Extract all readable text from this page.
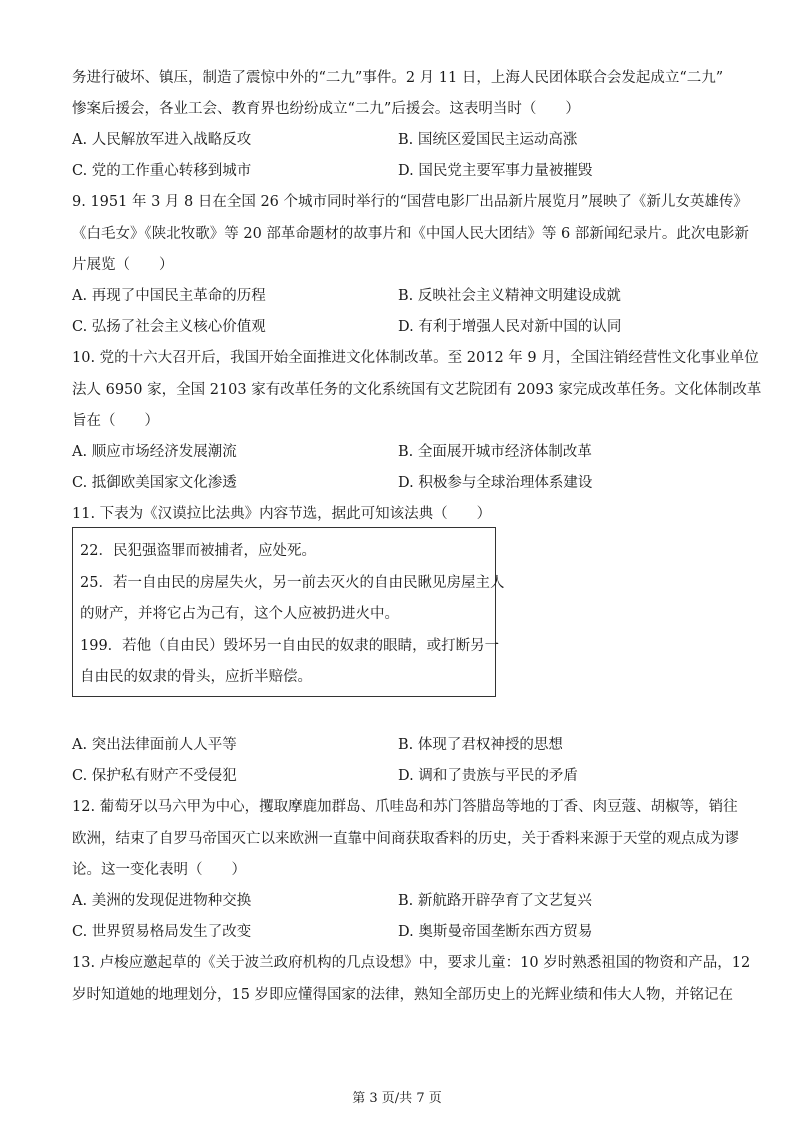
务进行破坏、镇压，制造了震惊中外的“二九”事件。2 月 11 日，上海人民团体联合会发起成立“二九”
惨案后援会，各业工会、教育界也纷纷成立“二九”后援会。这表明当时（　　）
A. 人民解放军进入战略反攻	B. 国统区爱国民主运动高涨
C. 党的工作重心转移到城市	D. 国民党主要军事力量被摧毁
9. 1951 年 3 月 8 日在全国 26 个城市同时举行的“国营电影厂出品新片展览月”展映了《新儿女英雄传》
《白毛女》《陕北牧歌》等 20 部革命题材的故事片和《中国人民大团结》等 6 部新闻纪录片。此次电影新
片展览（　　）
A. 再现了中国民主革命的历程	B. 反映社会主义精神文明建设成就
C. 弘扬了社会主义核心价值观	D. 有利于增强人民对新中国的认同
10. 党的十六大召开后，我国开始全面推进文化体制改革。至 2012 年 9 月，全国注销经营性文化事业单位
法人 6950 家，全国 2103 家有改革任务的文化系统国有文艺院团有 2093 家完成改革任务。文化体制改革
旨在（　　）
A. 顺应市场经济发展潮流	B. 全面展开城市经济体制改革
C. 抵御欧美国家文化渗透	D. 积极参与全球治理体系建设
11. 下表为《汉谟拉比法典》内容节选，据此可知该法典（　　）
22．民犯强盗罪而被捕者，应处死。
25．若一自由民的房屋失火，另一前去灭火的自由民瞅见房屋主人
的财产，并将它占为己有，这个人应被扔进火中。
199．若他（自由民）毁坏另一自由民的奴隶的眼睛，或打断另一
自由民的奴隶的骨头，应折半赔偿。
A. 突出法律面前人人平等	B. 体现了君权神授的思想
C. 保护私有财产不受侵犯	D. 调和了贵族与平民的矛盾
12. 葡萄牙以马六甲为中心，攫取摩鹿加群岛、爪哇岛和苏门答腊岛等地的丁香、肉豆蔻、胡椒等，销往
欧洲，结束了自罗马帝国灭亡以来欧洲一直靠中间商获取香料的历史，关于香料来源于天堂的观点成为谬
论。这一变化表明（　　）
A. 美洲的发现促进物种交换	B. 新航路开辟孕育了文艺复兴
C. 世界贸易格局发生了改变	D. 奥斯曼帝国垄断东西方贸易
13. 卢梭应邀起草的《关于波兰政府机构的几点设想》中，要求儿童：10 岁时熟悉祖国的物资和产品，12
岁时知道她的地理划分，15 岁即应懂得国家的法律，熟知全部历史上的光辉业绩和伟大人物，并铭记在
第 3 页/共 7 页
